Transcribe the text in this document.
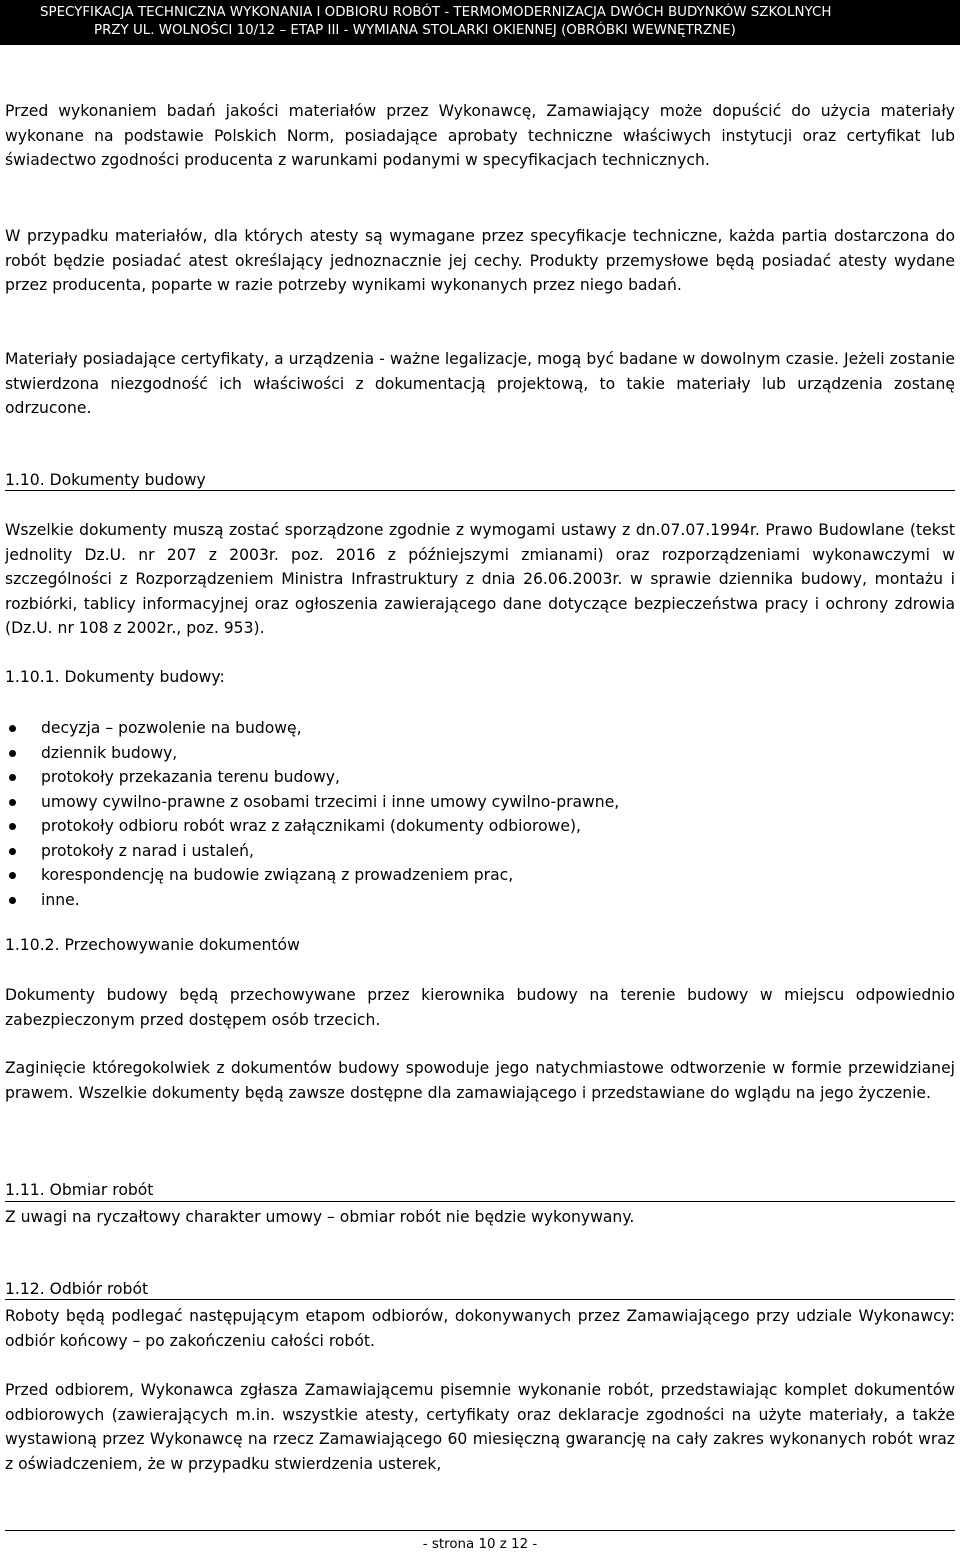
SPECYFIKACJA TECHNICZNA WYKONANIA I ODBIORU ROBÓT - TERMOMODERNIZACJA DWÓCH BUDYNKÓW SZKOLNYCH
PRZY UL. WOLNOŚCI 10/12 – ETAP III - WYMIANA STOLARKI OKIENNEJ (OBRÓBKI WEWNĘTRZNE)

Przed wykonaniem badań jakości materiałów przez Wykonawcę, Zamawiający może dopuścić do użycia materiały wykonane na podstawie Polskich Norm, posiadające aprobaty techniczne właściwych instytucji oraz certyfikat lub świadectwo zgodności producenta z warunkami podanymi w specyfikacjach technicznych.

W przypadku materiałów, dla których atesty są wymagane przez specyfikacje techniczne, każda partia dostarczona do robót będzie posiadać atest określający jednoznacznie jej cechy. Produkty przemysłowe będą posiadać atesty wydane przez producenta, poparte w razie potrzeby wynikami wykonanych przez niego badań.

Materiały posiadające certyfikaty, a urządzenia - ważne legalizacje, mogą być badane w dowolnym czasie. Jeżeli zostanie stwierdzona niezgodność ich właściwości z dokumentacją projektową, to takie materiały lub urządzenia zostanę odrzucone.

1.10. Dokumenty budowy

Wszelkie dokumenty muszą zostać sporządzone zgodnie z wymogami ustawy z dn.07.07.1994r. Prawo Budowlane (tekst jednolity Dz.U. nr 207 z 2003r. poz. 2016 z późniejszymi zmianami) oraz rozporządzeniami wykonawczymi w szczególności z Rozporządzeniem Ministra Infrastruktury z dnia 26.06.2003r. w sprawie dziennika budowy, montażu i rozbiórki, tablicy informacyjnej oraz ogłoszenia zawierającego dane dotyczące bezpieczeństwa pracy i ochrony zdrowia (Dz.U. nr 108 z 2002r., poz. 953).

1.10.1. Dokumenty budowy:

decyzja – pozwolenie na budowę,
dziennik budowy,
protokoły przekazania terenu budowy,
umowy cywilno-prawne z osobami trzecimi i inne umowy cywilno-prawne,
protokoły odbioru robót wraz z załącznikami (dokumenty odbiorowe),
protokoły z narad i ustaleń,
korespondencję na budowie związaną z prowadzeniem prac,
inne.

1.10.2. Przechowywanie dokumentów

Dokumenty budowy będą przechowywane przez kierownika budowy na terenie budowy w miejscu odpowiednio zabezpieczonym przed dostępem osób trzecich.

Zaginięcie któregokolwiek z dokumentów budowy spowoduje jego natychmiastowe odtworzenie w formie przewidzianej prawem. Wszelkie dokumenty będą zawsze dostępne dla zamawiającego i przedstawiane do wglądu na jego życzenie.

1.11. Obmiar robót

Z uwagi na ryczałtowy charakter umowy – obmiar robót nie będzie wykonywany.

1.12. Odbiór robót

Roboty będą podlegać następującym etapom odbiorów, dokonywanych przez Zamawiającego przy udziale Wykonawcy: odbiór końcowy – po zakończeniu całości robót.

Przed odbiorem, Wykonawca zgłasza Zamawiającemu pisemnie wykonanie robót, przedstawiając komplet dokumentów odbiorowych (zawierających m.in. wszystkie atesty, certyfikaty oraz deklaracje zgodności na użyte materiały, a także wystawioną przez Wykonawcę na rzecz Zamawiającego 60 miesięczną gwarancję na cały zakres wykonanych robót wraz z oświadczeniem, że w przypadku stwierdzenia usterek,

- strona 10 z 12 -
